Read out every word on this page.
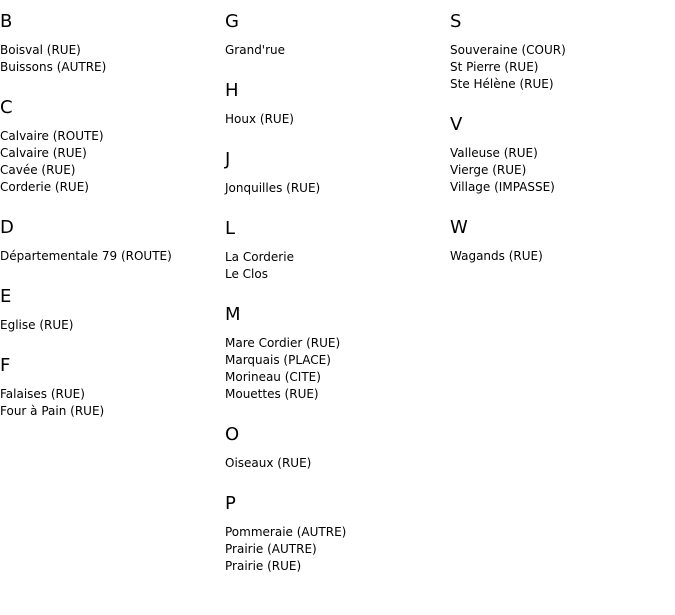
B
Boisval (RUE)
Buissons (AUTRE)
C
Calvaire (ROUTE)
Calvaire (RUE)
Cavée (RUE)
Corderie (RUE)
D
Départementale 79 (ROUTE)
E
Eglise (RUE)
F
Falaises (RUE)
Four à Pain (RUE)
G
Grand'rue
H
Houx (RUE)
J
Jonquilles (RUE)
L
La Corderie
Le Clos
M
Mare Cordier (RUE)
Marquais (PLACE)
Morineau (CITE)
Mouettes (RUE)
O
Oiseaux (RUE)
P
Pommeraie (AUTRE)
Prairie (AUTRE)
Prairie (RUE)
S
Souveraine (COUR)
St Pierre (RUE)
Ste Hélène (RUE)
V
Valleuse (RUE)
Vierge (RUE)
Village (IMPASSE)
W
Wagands (RUE)
